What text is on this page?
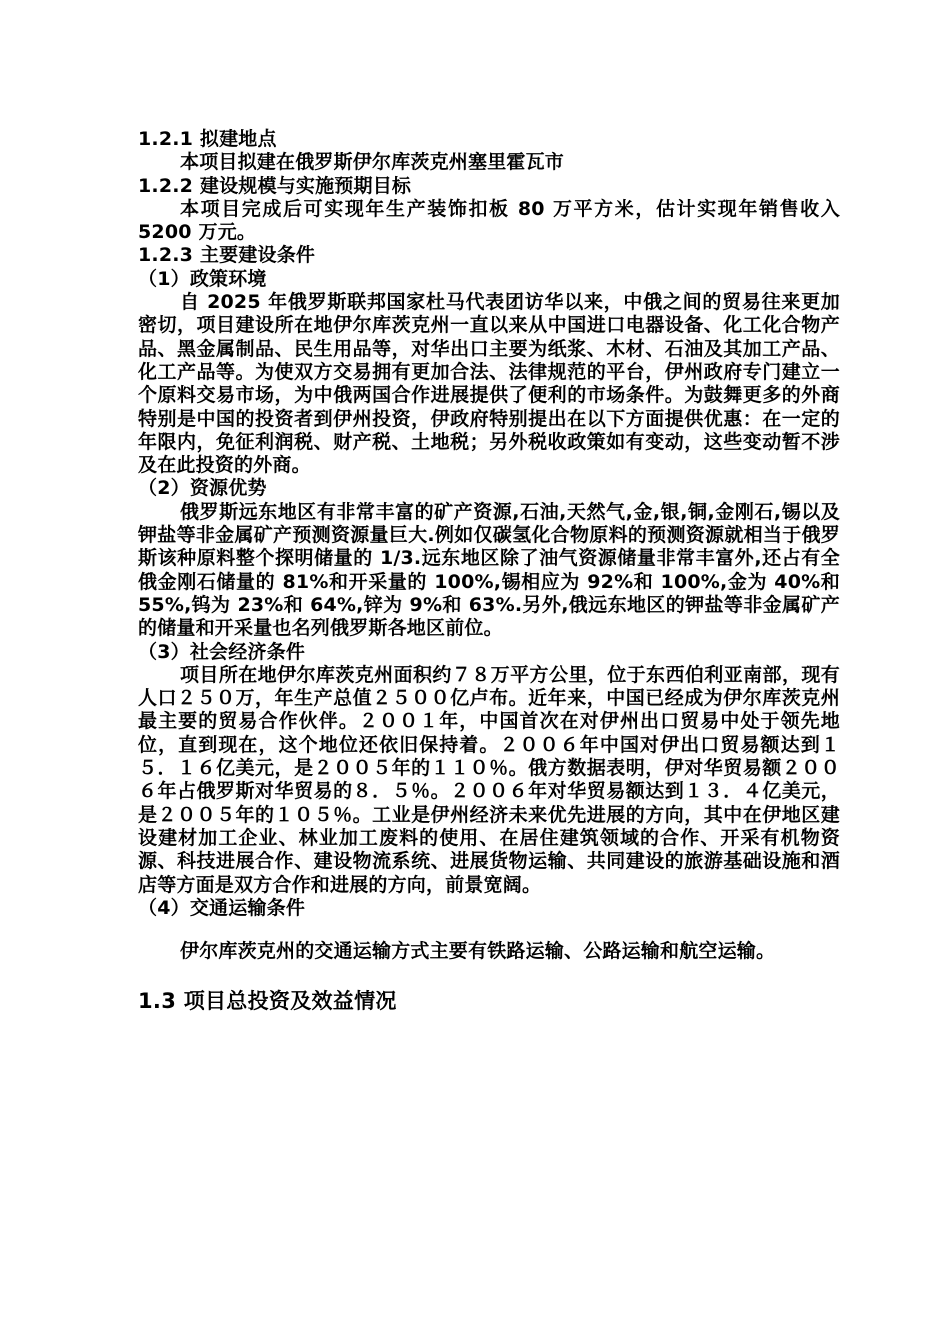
1.2.1 拟建地点
本项目拟建在俄罗斯伊尔库茨克州塞里霍瓦市
1.2.2 建设规模与实施预期目标
本项目完成后可实现年生产装饰扣板 80 万平方米，估计实现年销售收入 5200 万元。
1.2.3 主要建设条件
（1）政策环境
自 2025 年俄罗斯联邦国家杜马代表团访华以来，中俄之间的贸易往来更加密切，项目建设所在地伊尔库茨克州一直以来从中国进口电器设备、化工化合物产品、黑金属制品、民生用品等，对华出口主要为纸浆、木材、石油及其加工产品、化工产品等。为使双方交易拥有更加合法、法律规范的平台，伊州政府专门建立一个原料交易市场，为中俄两国合作进展提供了便利的市场条件。为鼓舞更多的外商特别是中国的投资者到伊州投资，伊政府特别提出在以下方面提供优惠：在一定的年限内，免征利润税、财产税、土地税；另外税收政策如有变动，这些变动暂不涉及在此投资的外商。
（2）资源优势
俄罗斯远东地区有非常丰富的矿产资源,石油,天然气,金,银,铜,金刚石,锡以及钾盐等非金属矿产预测资源量巨大.例如仅碳氢化合物原料的预测资源就相当于俄罗斯该种原料整个探明储量的 1/3.远东地区除了油气资源储量非常丰富外,还占有全俄金刚石储量的 81%和开采量的 100%,锡相应为 92%和 100%,金为 40%和 55%,钨为 23%和 64%,锌为 9%和 63%.另外,俄远东地区的钾盐等非金属矿产的储量和开采量也名列俄罗斯各地区前位。
（3）社会经济条件
项目所在地伊尔库茨克州面积约７８万平方公里，位于东西伯利亚南部，现有人口２５０万，年生产总值２５００亿卢布。近年来，中国已经成为伊尔库茨克州最主要的贸易合作伙伴。２００１年，中国首次在对伊州出口贸易中处于领先地位，直到现在，这个地位还依旧保持着。２００６年中国对伊出口贸易额达到１５．１６亿美元，是２００５年的１１０％。俄方数据表明，伊对华贸易额２００６年占俄罗斯对华贸易的８．５％。２００６年对华贸易额达到１３．４亿美元，是２００５年的１０５％。工业是伊州经济未来优先进展的方向，其中在伊地区建设建材加工企业、林业加工废料的使用、在居住建筑领域的合作、开采有机物资源、科技进展合作、建设物流系统、进展货物运输、共同建设的旅游基础设施和酒店等方面是双方合作和进展的方向，前景宽阔。
（4）交通运输条件
伊尔库茨克州的交通运输方式主要有铁路运输、公路运输和航空运输。
1.3 项目总投资及效益情况
